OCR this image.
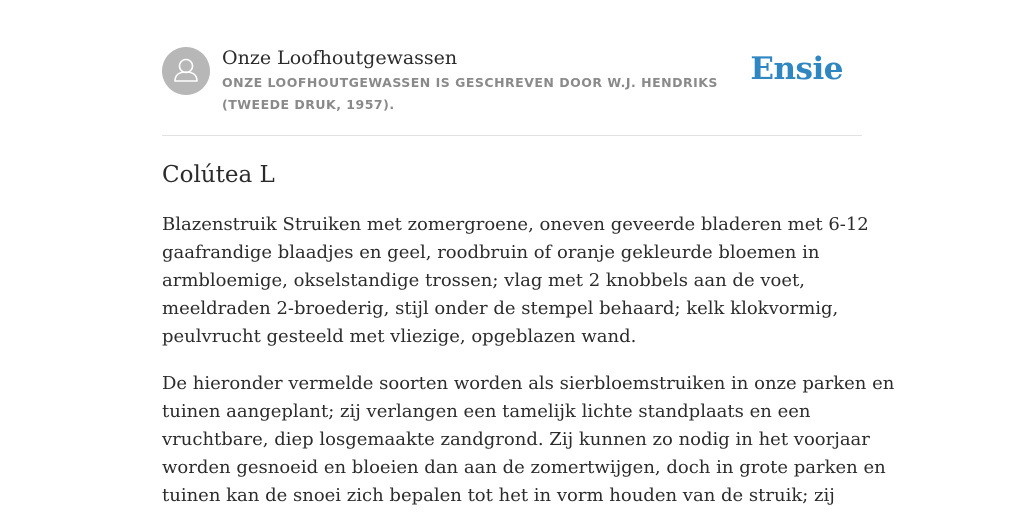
Onze Loofhoutgewassen
ONZE LOOFHOUTGEWASSEN IS GESCHREVEN DOOR W.J. HENDRIKS (TWEEDE DRUK, 1957).
Ensie
Colútea L

Blazenstruik Struiken met zomergroene, oneven geveerde bladeren met 6-12
gaafrandige blaadjes en geel, roodbruin of oranje gekleurde bloemen in
armbloemige, okselstandige trossen; vlag met 2 knobbels aan de voet,
meeldraden 2-broederig, stijl onder de stempel behaard; kelk klokvormig,
peulvrucht gesteeld met vliezige, opgeblazen wand.

De hieronder vermelde soorten worden als sierbloemstruiken in onze parken en
tuinen aangeplant; zij verlangen een tamelijk lichte standplaats en een
vruchtbare, diep losgemaakte zandgrond. Zij kunnen zo nodig in het voorjaar
worden gesnoeid en bloeien dan aan de zomertwijgen, doch in grote parken en
tuinen kan de snoei zich bepalen tot het in vorm houden van de struik; zij
